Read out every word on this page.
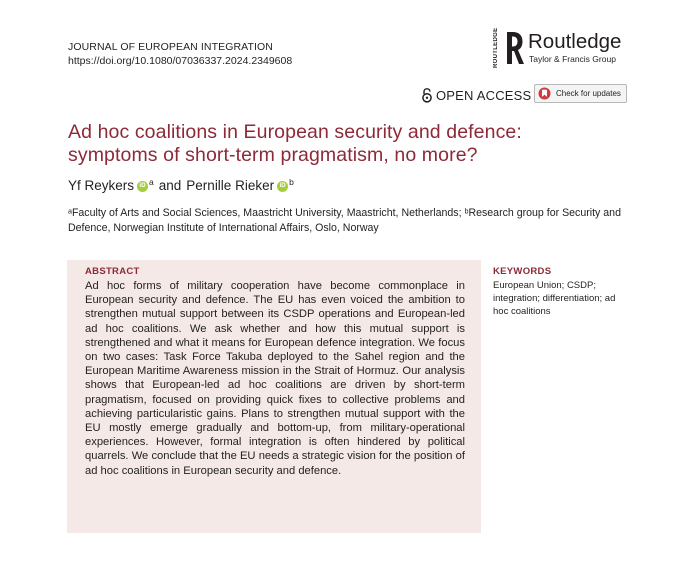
JOURNAL OF EUROPEAN INTEGRATION
https://doi.org/10.1080/07036337.2024.2349608	ROUTLEDGE Routledge
Taylor & Francis Group
OPEN ACCESS	Check for updates
Ad hoc coalitions in European security and defence: symptoms of short-term pragmatism, no more?
Yf Reykers iD a and Pernille Rieker iD b
ᵃFaculty of Arts and Social Sciences, Maastricht University, Maastricht, Netherlands; ᵇResearch group for Security and Defence, Norwegian Institute of International Affairs, Oslo, Norway
ABSTRACT
Ad hoc forms of military cooperation have become commonplace in European security and defence. The EU has even voiced the ambition to strengthen mutual support between its CSDP operations and European-led ad hoc coalitions. We ask whether and how this mutual support is strengthened and what it means for European defence integration. We focus on two cases: Task Force Takuba deployed to the Sahel region and the European Maritime Awareness mission in the Strait of Hormuz. Our analysis shows that European-led ad hoc coalitions are driven by short-term pragmatism, focused on providing quick fixes to collective problems and achieving particularistic gains. Plans to strengthen mutual support with the EU mostly emerge gradually and bottom-up, from military-operational experiences. However, formal integration is often hindered by political quarrels. We conclude that the EU needs a strategic vision for the position of ad hoc coalitions in European security and defence.
KEYWORDS
European Union; CSDP; integration; differentiation; ad hoc coalitions
